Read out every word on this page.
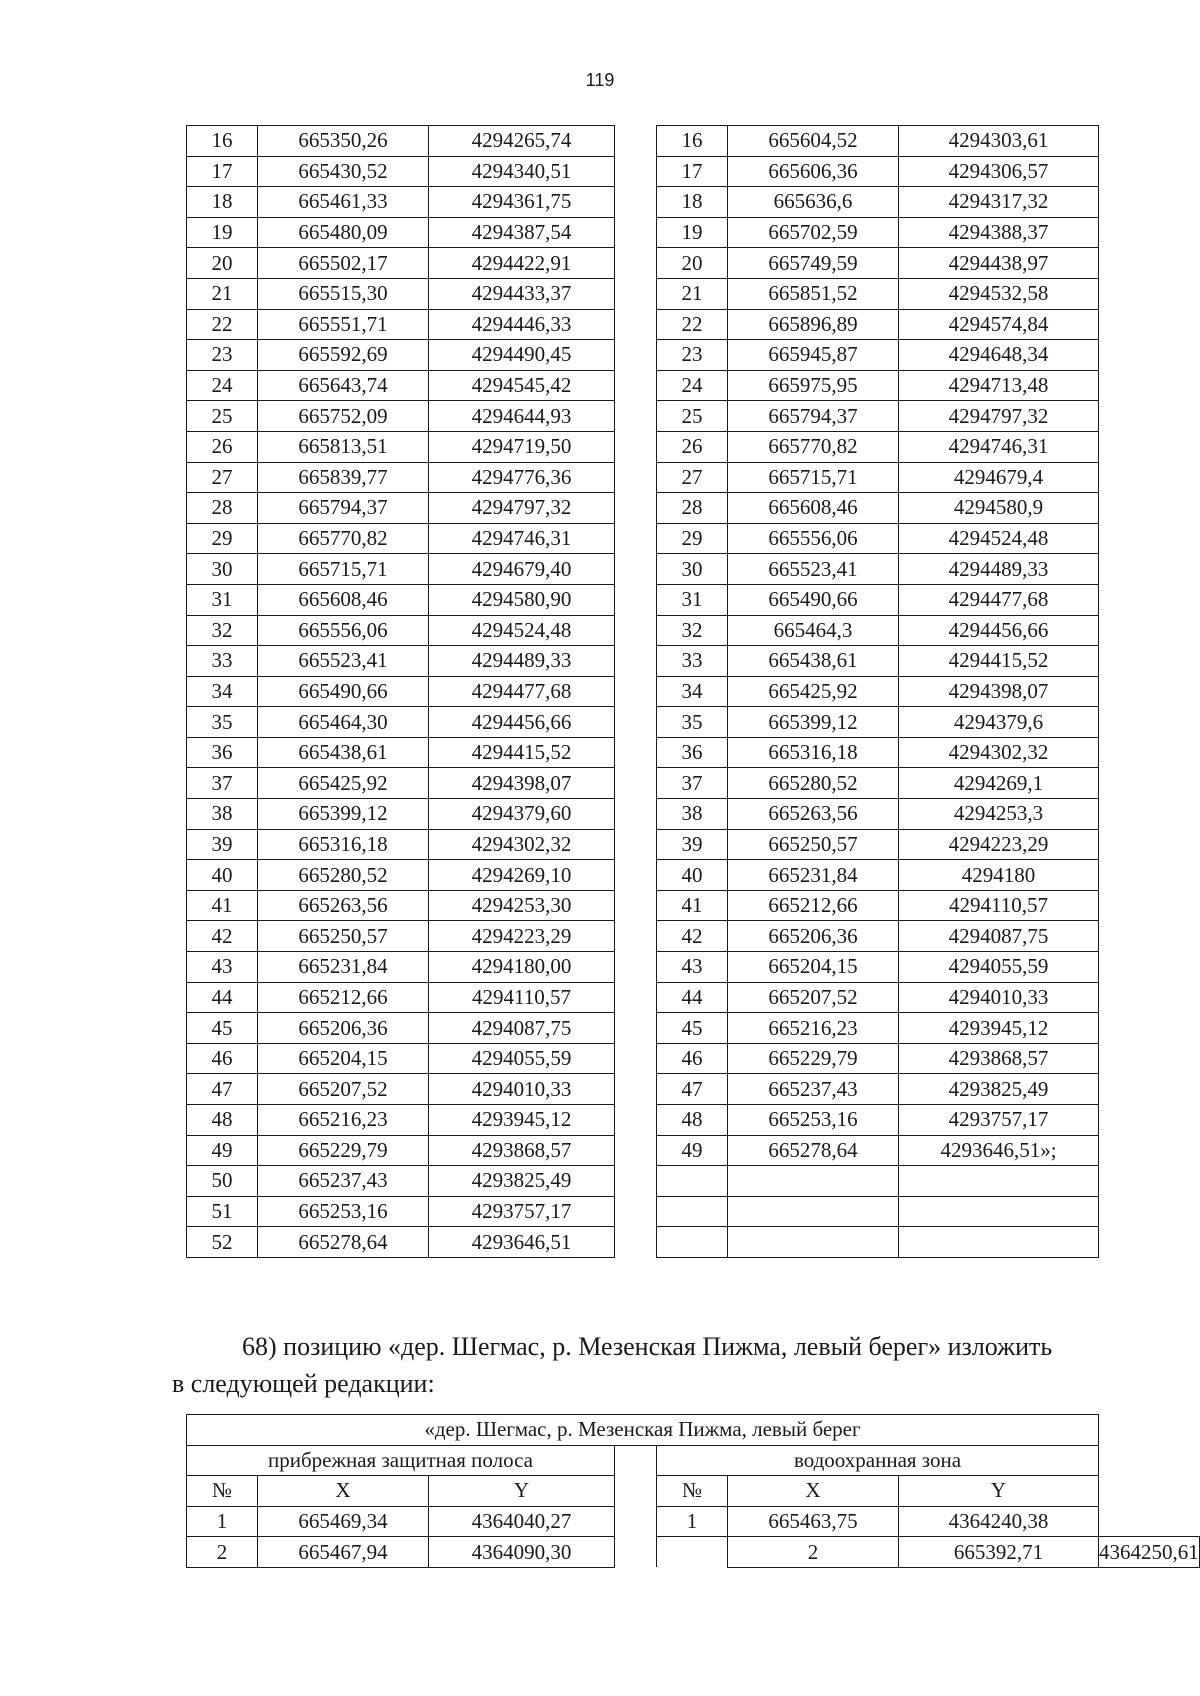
119
16	665350,26	4294265,74		16	665604,52	4294303,61
17	665430,52	4294340,51		17	665606,36	4294306,57
18	665461,33	4294361,75		18	665636,6	4294317,32
19	665480,09	4294387,54		19	665702,59	4294388,37
20	665502,17	4294422,91		20	665749,59	4294438,97
21	665515,30	4294433,37		21	665851,52	4294532,58
22	665551,71	4294446,33		22	665896,89	4294574,84
23	665592,69	4294490,45		23	665945,87	4294648,34
24	665643,74	4294545,42		24	665975,95	4294713,48
25	665752,09	4294644,93		25	665794,37	4294797,32
26	665813,51	4294719,50		26	665770,82	4294746,31
27	665839,77	4294776,36		27	665715,71	4294679,4
28	665794,37	4294797,32		28	665608,46	4294580,9
29	665770,82	4294746,31		29	665556,06	4294524,48
30	665715,71	4294679,40		30	665523,41	4294489,33
31	665608,46	4294580,90		31	665490,66	4294477,68
32	665556,06	4294524,48		32	665464,3	4294456,66
33	665523,41	4294489,33		33	665438,61	4294415,52
34	665490,66	4294477,68		34	665425,92	4294398,07
35	665464,30	4294456,66		35	665399,12	4294379,6
36	665438,61	4294415,52		36	665316,18	4294302,32
37	665425,92	4294398,07		37	665280,52	4294269,1
38	665399,12	4294379,60		38	665263,56	4294253,3
39	665316,18	4294302,32		39	665250,57	4294223,29
40	665280,52	4294269,10		40	665231,84	4294180
41	665263,56	4294253,30		41	665212,66	4294110,57
42	665250,57	4294223,29		42	665206,36	4294087,75
43	665231,84	4294180,00		43	665204,15	4294055,59
44	665212,66	4294110,57		44	665207,52	4294010,33
45	665206,36	4294087,75		45	665216,23	4293945,12
46	665204,15	4294055,59		46	665229,79	4293868,57
47	665207,52	4294010,33		47	665237,43	4293825,49
48	665216,23	4293945,12		48	665253,16	4293757,17
49	665229,79	4293868,57		49	665278,64	4293646,51»;
50	665237,43	4293825,49				
51	665253,16	4293757,17				
52	665278,64	4293646,51				
68) позицию «дер. Шегмас, р. Мезенская Пижма, левый берег» изложить
в следующей редакции:
«дер. Шегмас, р. Мезенская Пижма, левый берег							
прибрежная защитная полоса				водоохранная зона			
№	X	Y		№	X	Y	
1	665469,34	4364040,27		1	665463,75	4364240,38	
2	665467,94	4364090,30			2	665392,71	4364250,61
